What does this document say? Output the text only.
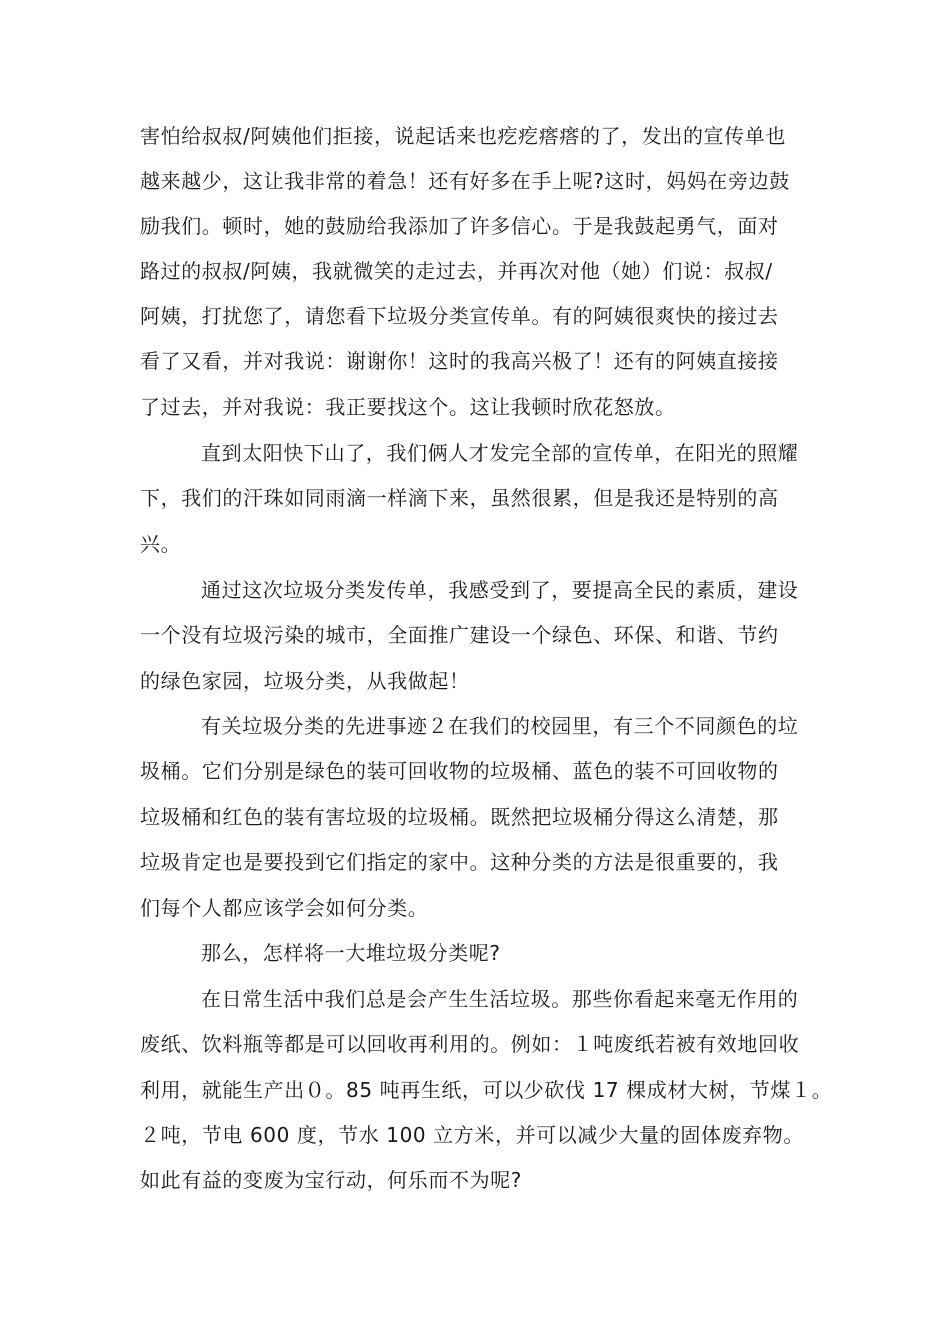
害怕给叔叔/阿姨他们拒接，说起话来也疙疙瘩瘩的了，发出的宣传单也
越来越少，这让我非常的着急！还有好多在手上呢?这时，妈妈在旁边鼓
励我们。顿时，她的鼓励给我添加了许多信心。于是我鼓起勇气，面对
路过的叔叔/阿姨，我就微笑的走过去，并再次对他（她）们说：叔叔/
阿姨，打扰您了，请您看下垃圾分类宣传单。有的阿姨很爽快的接过去
看了又看，并对我说：谢谢你！这时的我高兴极了！还有的阿姨直接接
了过去，并对我说：我正要找这个。这让我顿时欣花怒放。
直到太阳快下山了，我们俩人才发完全部的宣传单，在阳光的照耀
下，我们的汗珠如同雨滴一样滴下来，虽然很累，但是我还是特别的高
兴。
通过这次垃圾分类发传单，我感受到了，要提高全民的素质，建设
一个没有垃圾污染的城市，全面推广建设一个绿色、环保、和谐、节约
的绿色家园，垃圾分类，从我做起！
有关垃圾分类的先进事迹２在我们的校园里，有三个不同颜色的垃
圾桶。它们分别是绿色的装可回收物的垃圾桶、蓝色的装不可回收物的
垃圾桶和红色的装有害垃圾的垃圾桶。既然把垃圾桶分得这么清楚，那
垃圾肯定也是要投到它们指定的家中。这种分类的方法是很重要的，我
们每个人都应该学会如何分类。
那么，怎样将一大堆垃圾分类呢?
在日常生活中我们总是会产生生活垃圾。那些你看起来毫无作用的
废纸、饮料瓶等都是可以回收再利用的。例如：１吨废纸若被有效地回收
利用，就能生产出０。85 吨再生纸，可以少砍伐 17 棵成材大树，节煤１。
２吨，节电 600 度，节水 100 立方米，并可以减少大量的固体废弃物。
如此有益的变废为宝行动，何乐而不为呢?
